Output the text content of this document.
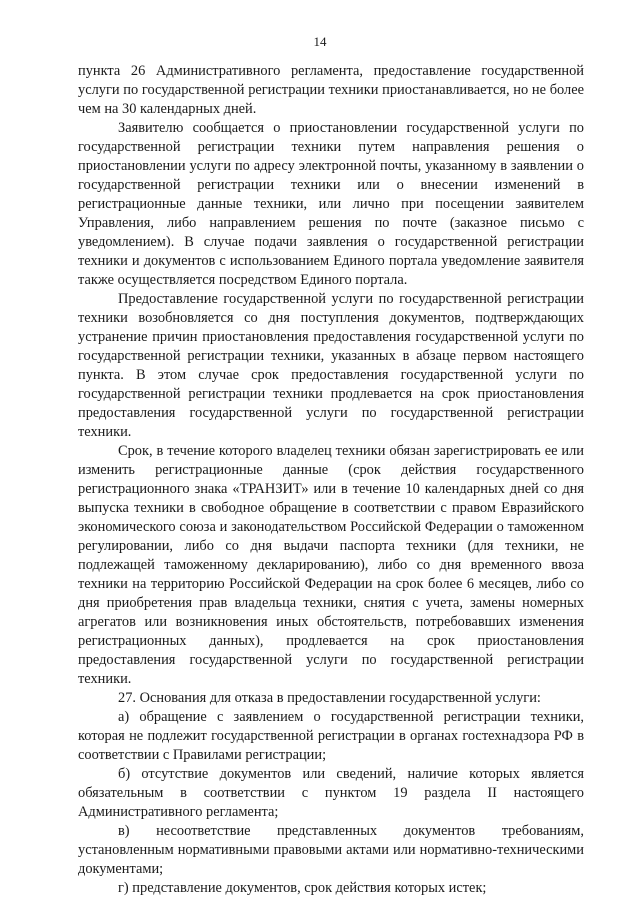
14

пункта 26 Административного регламента, предоставление государственной услуги по государственной регистрации техники приостанавливается, но не более чем на 30 календарных дней.

Заявителю сообщается о приостановлении государственной услуги по государственной регистрации техники путем направления решения о приостановлении услуги по адресу электронной почты, указанному в заявлении о государственной регистрации техники или о внесении изменений в регистрационные данные техники, или лично при посещении заявителем Управления, либо направлением решения по почте (заказное письмо с уведомлением). В случае подачи заявления о государственной регистрации техники и документов с использованием Единого портала уведомление заявителя также осуществляется посредством Единого портала.

Предоставление государственной услуги по государственной регистрации техники возобновляется со дня поступления документов, подтверждающих устранение причин приостановления предоставления государственной услуги по государственной регистрации техники, указанных в абзаце первом настоящего пункта. В этом случае срок предоставления государственной услуги по государственной регистрации техники продлевается на срок приостановления предоставления государственной услуги по государственной регистрации техники.

Срок, в течение которого владелец техники обязан зарегистрировать ее или изменить регистрационные данные (срок действия государственного регистрационного знака «ТРАНЗИТ» или в течение 10 календарных дней со дня выпуска техники в свободное обращение в соответствии с правом Евразийского экономического союза и законодательством Российской Федерации о таможенном регулировании, либо со дня выдачи паспорта техники (для техники, не подлежащей таможенному декларированию), либо со дня временного ввоза техники на территорию Российской Федерации на срок более 6 месяцев, либо со дня приобретения прав владельца техники, снятия с учета, замены номерных агрегатов или возникновения иных обстоятельств, потребовавших изменения регистрационных данных), продлевается на срок приостановления предоставления государственной услуги по государственной регистрации техники.

27. Основания для отказа в предоставлении государственной услуги:

а) обращение с заявлением о государственной регистрации техники, которая не подлежит государственной регистрации в органах гостехнадзора РФ в соответствии с Правилами регистрации;

б) отсутствие документов или сведений, наличие которых является обязательным в соответствии с пунктом 19 раздела II настоящего Административного регламента;

в) несоответствие представленных документов требованиям, установленным нормативными правовыми актами или нормативно-техническими документами;

г) представление документов, срок действия которых истек;
